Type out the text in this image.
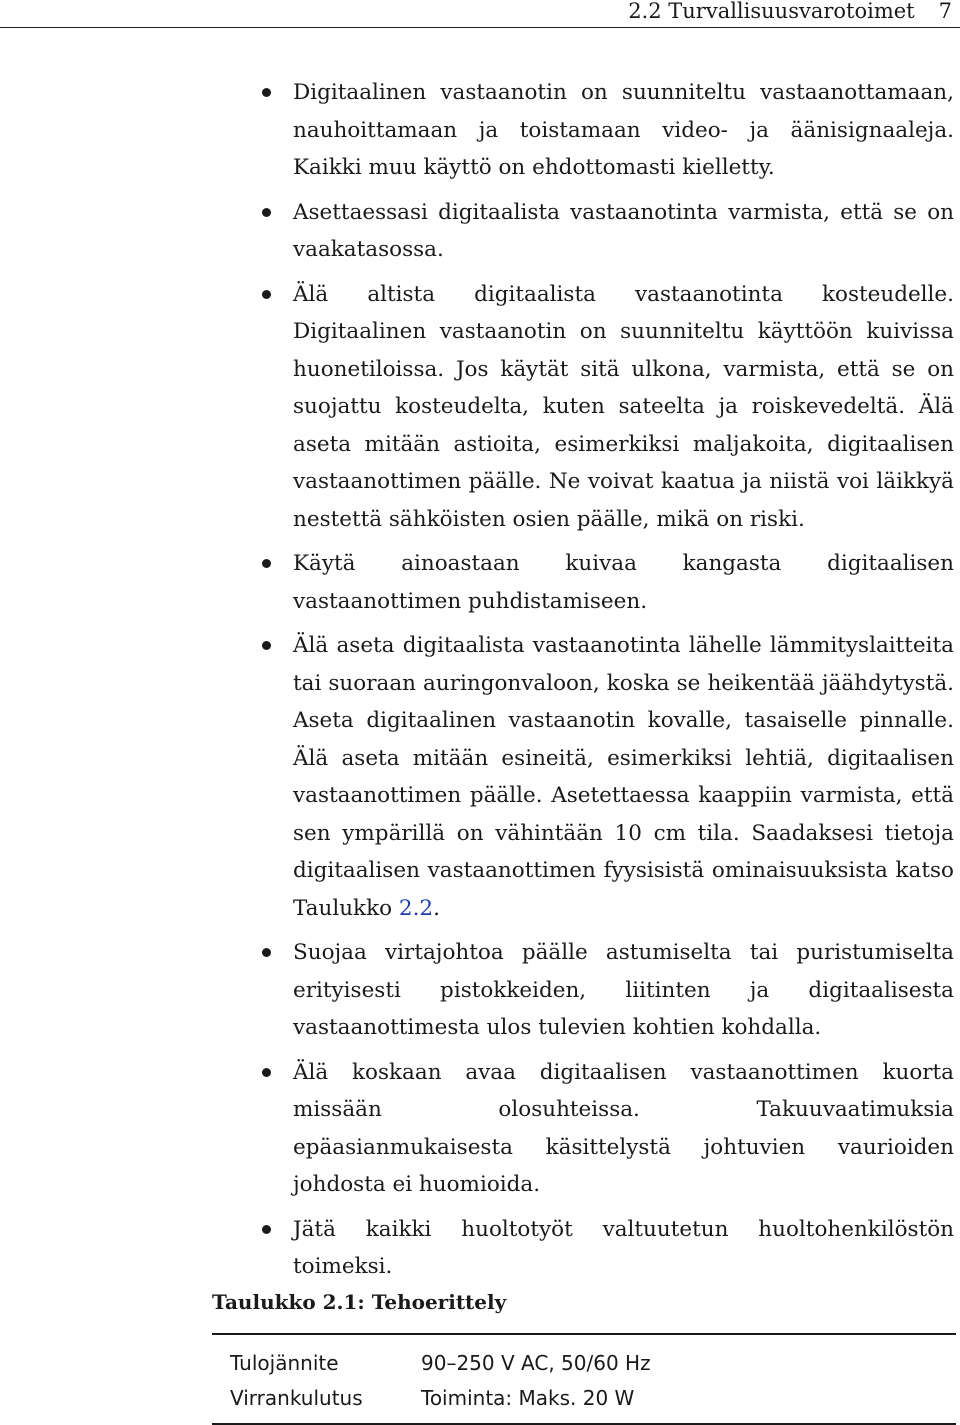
2.2 Turvallisuusvarotoimet 7
Digitaalinen vastaanotin on suunniteltu vastaanottamaan, nauhoittamaan ja toistamaan video- ja äänisignaaleja. Kaikki muu käyttö on ehdottomasti kielletty.
Asettaessasi digitaalista vastaanotinta varmista, että se on vaakatasossa.
Älä altista digitaalista vastaanotinta kosteudelle. Digitaalinen vastaanotin on suunniteltu käyttöön kuivissa huonetiloissa. Jos käytät sitä ulkona, varmista, että se on suojattu kosteudelta, kuten sateelta ja roiskevedeltä. Älä aseta mitään astioita, esimerkiksi maljakoita, digitaalisen vastaanottimen päälle. Ne voivat kaatua ja niistä voi läikkyä nestettä sähköisten osien päälle, mikä on riski.
Käytä ainoastaan kuivaa kangasta digitaalisen vastaanottimen puhdistamiseen.
Älä aseta digitaalista vastaanotinta lähelle lämmityslaitteita tai suoraan auringonvaloon, koska se heikentää jäähdytystä. Aseta digitaalinen vastaanotin kovalle, tasaiselle pinnalle. Älä aseta mitään esineitä, esimerkiksi lehtiä, digitaalisen vastaanottimen päälle. Asetettaessa kaappiin varmista, että sen ympärillä on vähintään 10 cm tila. Saadaksesi tietoja digitaalisen vastaanottimen fyysisistä ominaisuuksista katso Taulukko 2.2.
Suojaa virtajohtoa päälle astumiselta tai puristumiselta erityisesti pistokkeiden, liitinten ja digitaalisesta vastaanottimesta ulos tulevien kohtien kohdalla.
Älä koskaan avaa digitaalisen vastaanottimen kuorta missään olosuhteissa. Takuuvaatimuksia epäasianmukaisesta käsittelystä johtuvien vaurioiden johdosta ei huomioida.
Jätä kaikki huoltotyöt valtuutetun huoltohenkilöstön toimeksi.
Taulukko 2.1: Tehoerittely
Tulojännite	90–250 V AC, 50/60 Hz
Virrankulutus	Toiminta: Maks. 20 W
